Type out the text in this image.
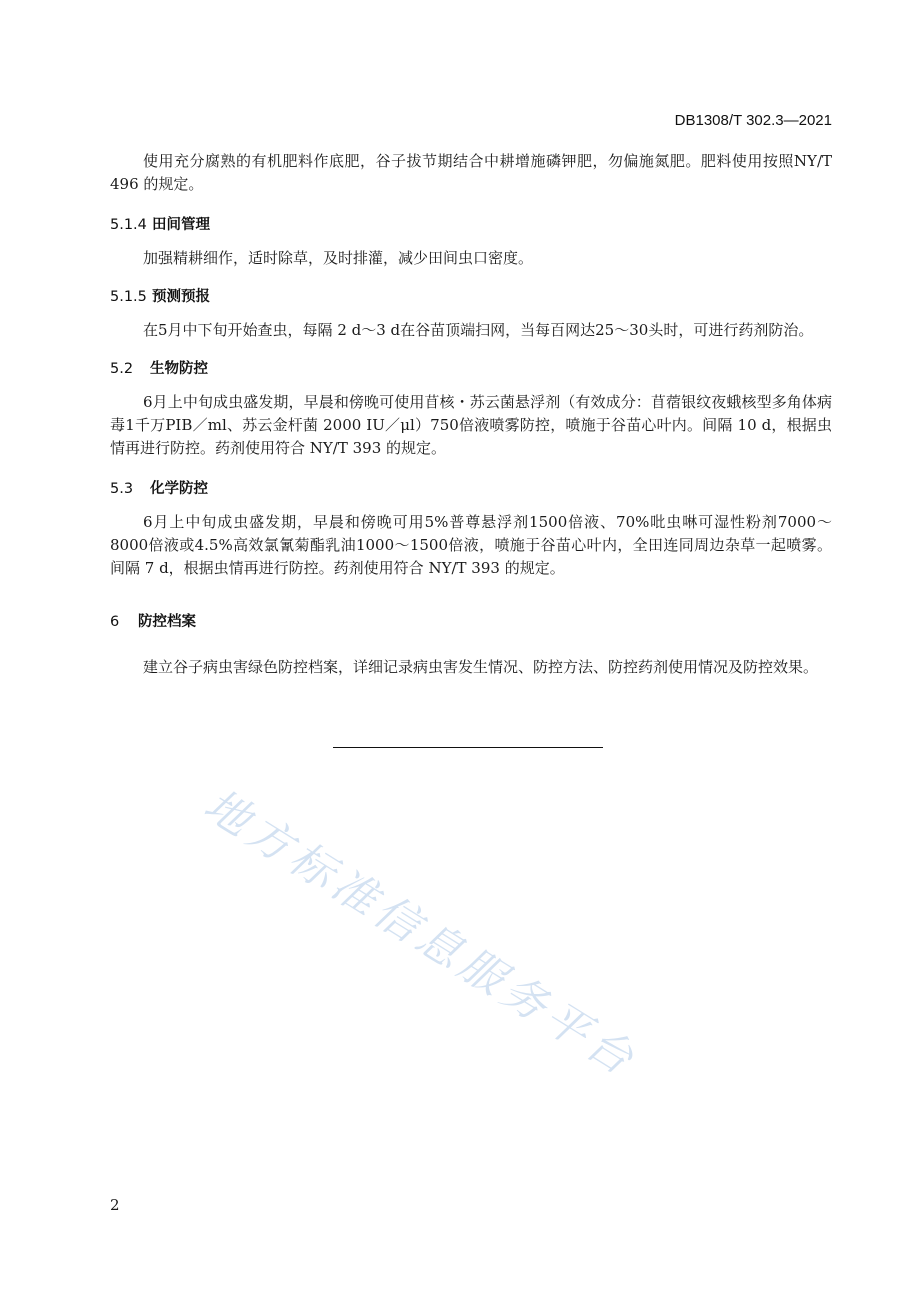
DB1308/T 302.3—2021
使用充分腐熟的有机肥料作底肥，谷子拔节期结合中耕增施磷钾肥，勿偏施氮肥。肥料使用按照NY/T 496 的规定。
5.1.4 田间管理
加强精耕细作，适时除草，及时排灌，减少田间虫口密度。
5.1.5 预测预报
在5月中下旬开始查虫，每隔 2 d～3 d在谷苗顶端扫网，当每百网达25～30头时，可进行药剂防治。
5.2 生物防控
6月上中旬成虫盛发期，早晨和傍晚可使用苜核・苏云菌悬浮剂（有效成分：苜蓿银纹夜蛾核型多角体病毒1千万PIB／ml、苏云金杆菌 2000 IU／μl）750倍液喷雾防控，喷施于谷苗心叶内。间隔 10 d，根据虫情再进行防控。药剂使用符合 NY/T 393 的规定。
5.3 化学防控
6月上中旬成虫盛发期，早晨和傍晚可用5%普尊悬浮剂1500倍液、70%吡虫啉可湿性粉剂7000～8000倍液或4.5%高效氯氰菊酯乳油1000～1500倍液，喷施于谷苗心叶内，全田连同周边杂草一起喷雾。间隔 7 d，根据虫情再进行防控。药剂使用符合 NY/T 393 的规定。
6 防控档案
建立谷子病虫害绿色防控档案，详细记录病虫害发生情况、防控方法、防控药剂使用情况及防控效果。
地方标准信息服务平台
2
